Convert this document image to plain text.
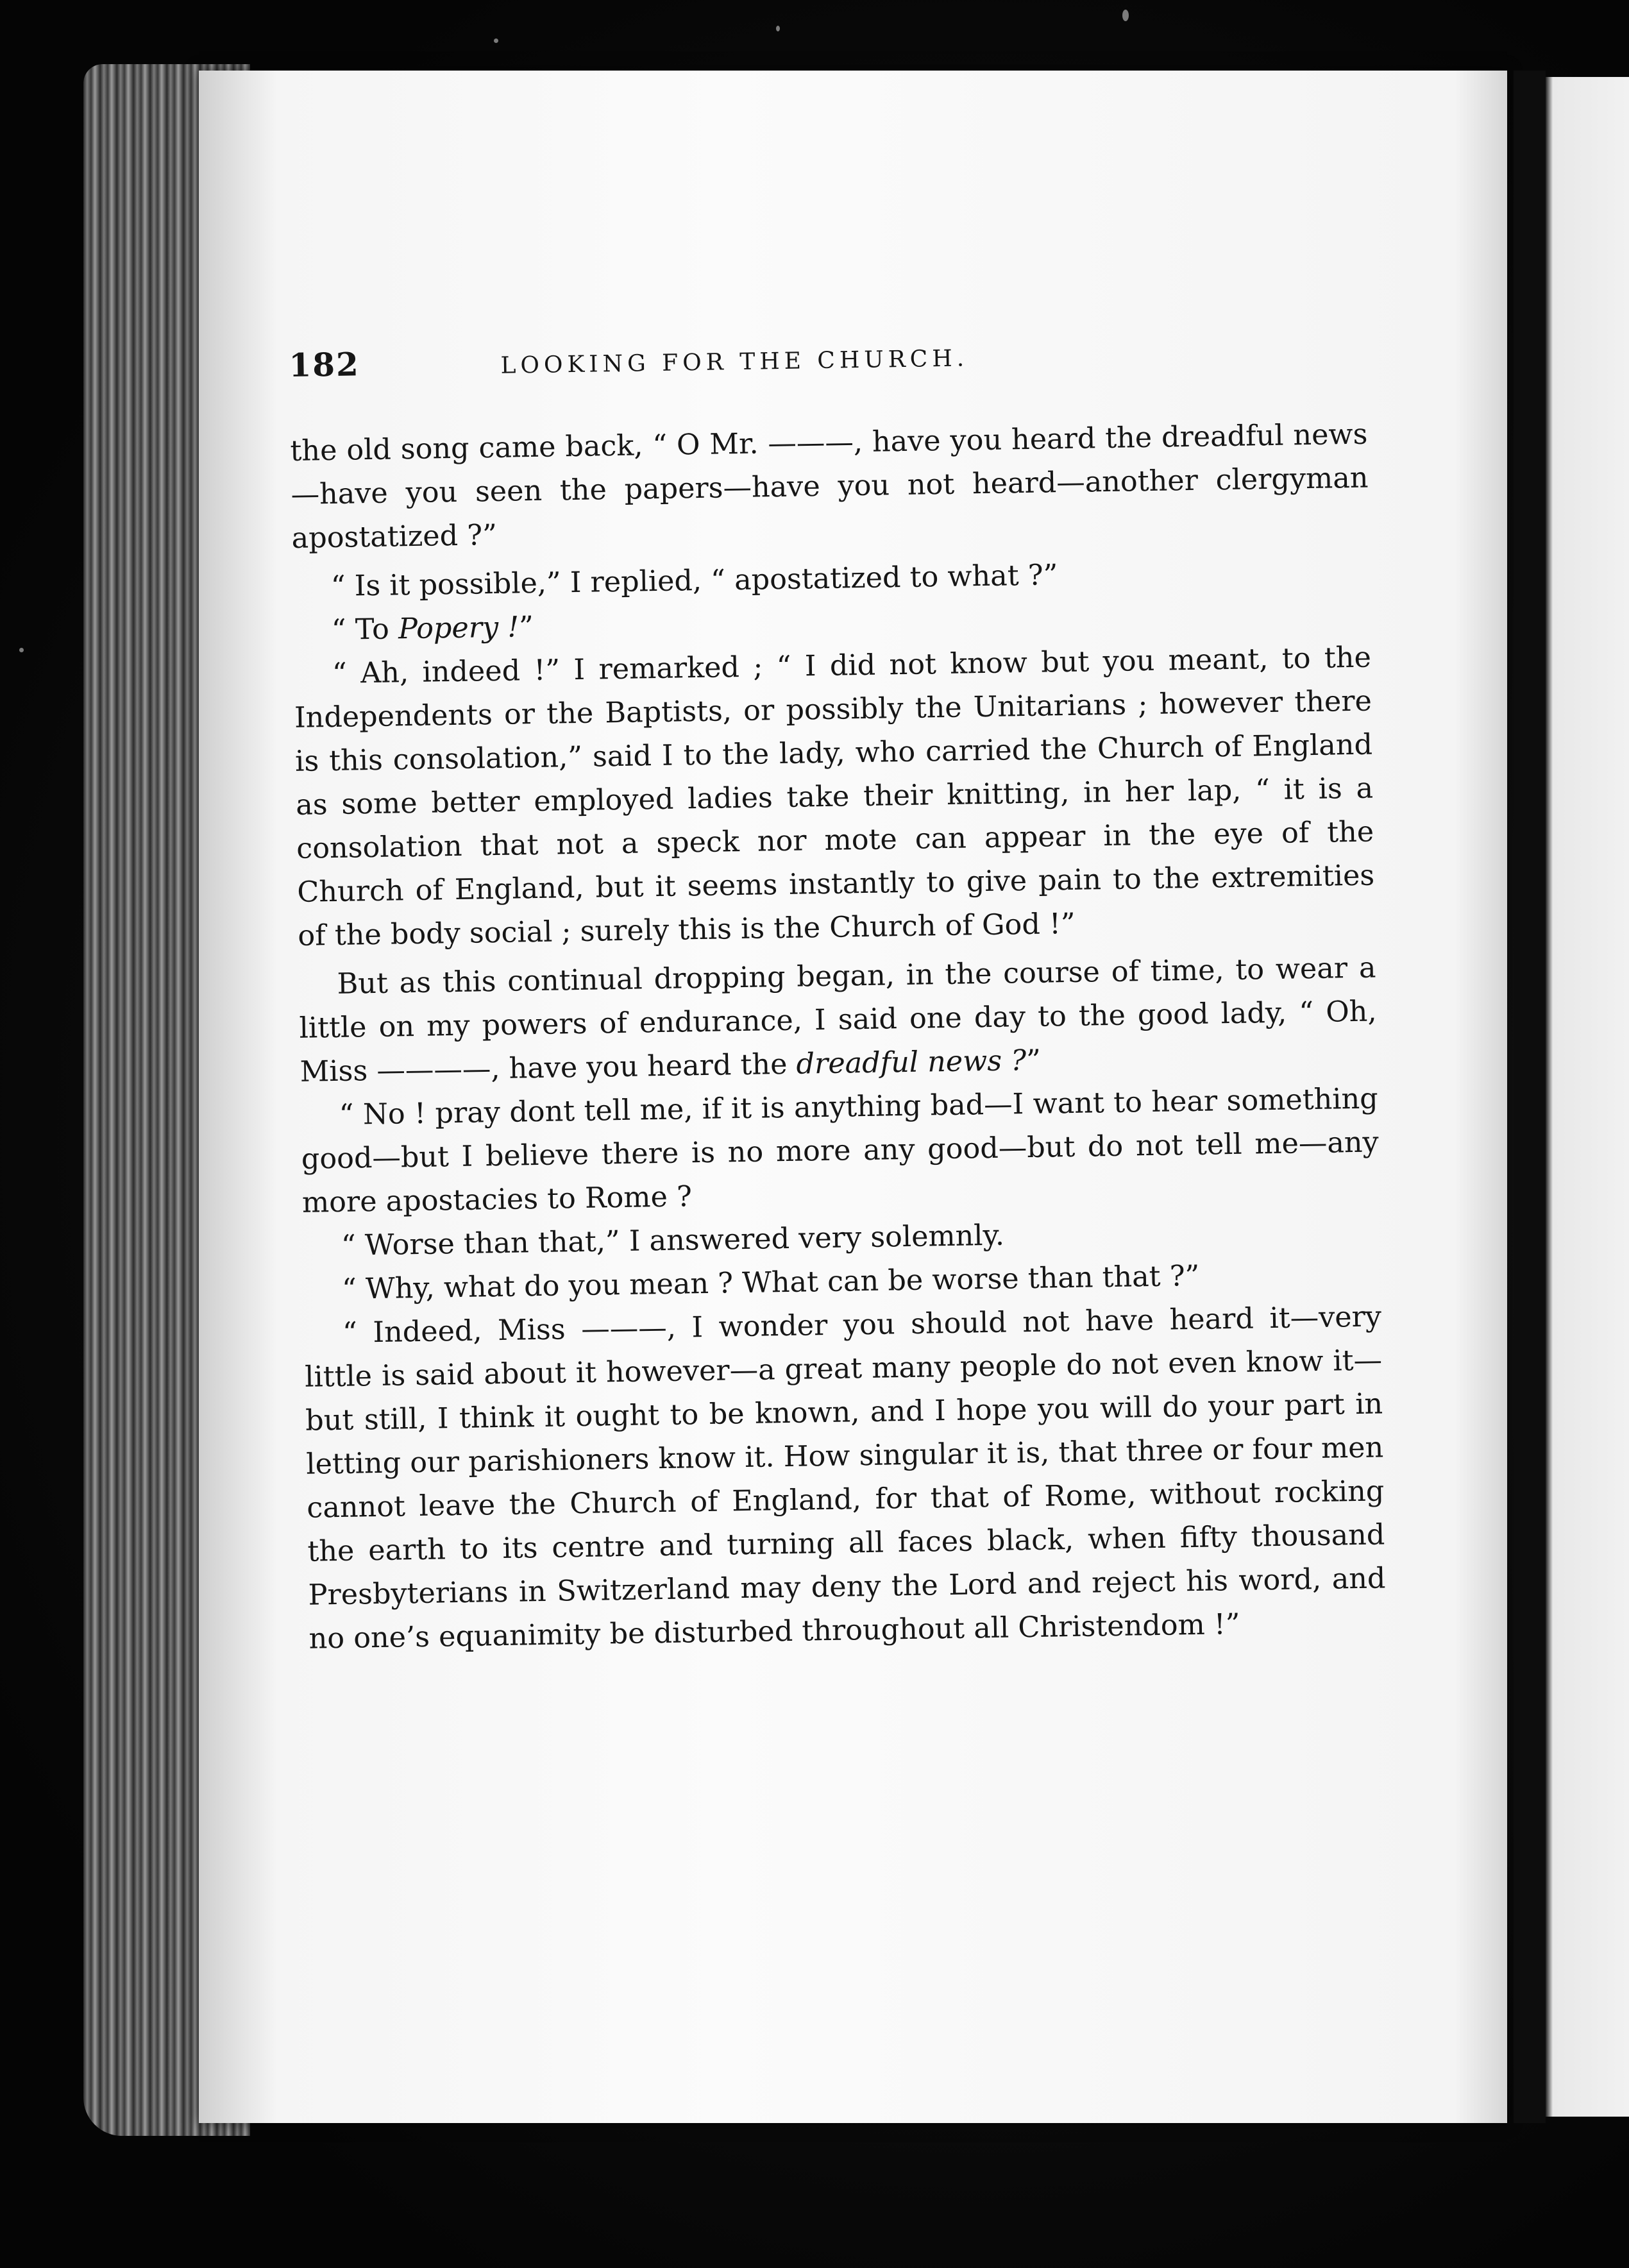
182	LOOKING FOR THE CHURCH.

the old song came back, “ O Mr. ———, have you heard the dreadful news—have you seen the papers—have you not heard—another clergyman apostatized ?”

“ Is it possible,” I replied, “ apostatized to what ?”

“ To Popery !”

“ Ah, indeed !” I remarked ; “ I did not know but you meant, to the Independents or the Baptists, or possibly the Unitarians ; however there is this consolation,” said I to the lady, who carried the Church of England as some better employed ladies take their knitting, in her lap, “ it is a consolation that not a speck nor mote can appear in the eye of the Church of England, but it seems instantly to give pain to the extremities of the body social ; surely this is the Church of God !”

But as this continual dropping began, in the course of time, to wear a little on my powers of endurance, I said one day to the good lady, “ Oh, Miss ————, have you heard the dreadful news ?”

“ No ! pray dont tell me, if it is anything bad—I want to hear something good—but I believe there is no more any good—but do not tell me—any more apostacies to Rome ?

“ Worse than that,” I answered very solemnly.

“ Why, what do you mean ? What can be worse than that ?”

“ Indeed, Miss ———, I wonder you should not have heard it—very little is said about it however—a great many people do not even know it—but still, I think it ought to be known, and I hope you will do your part in letting our parishioners know it. How singular it is, that three or four men cannot leave the Church of England, for that of Rome, without rocking the earth to its centre and turning all faces black, when fifty thousand Presbyterians in Switzerland may deny the Lord and reject his word, and no one’s equanimity be disturbed throughout all Christendom !”
